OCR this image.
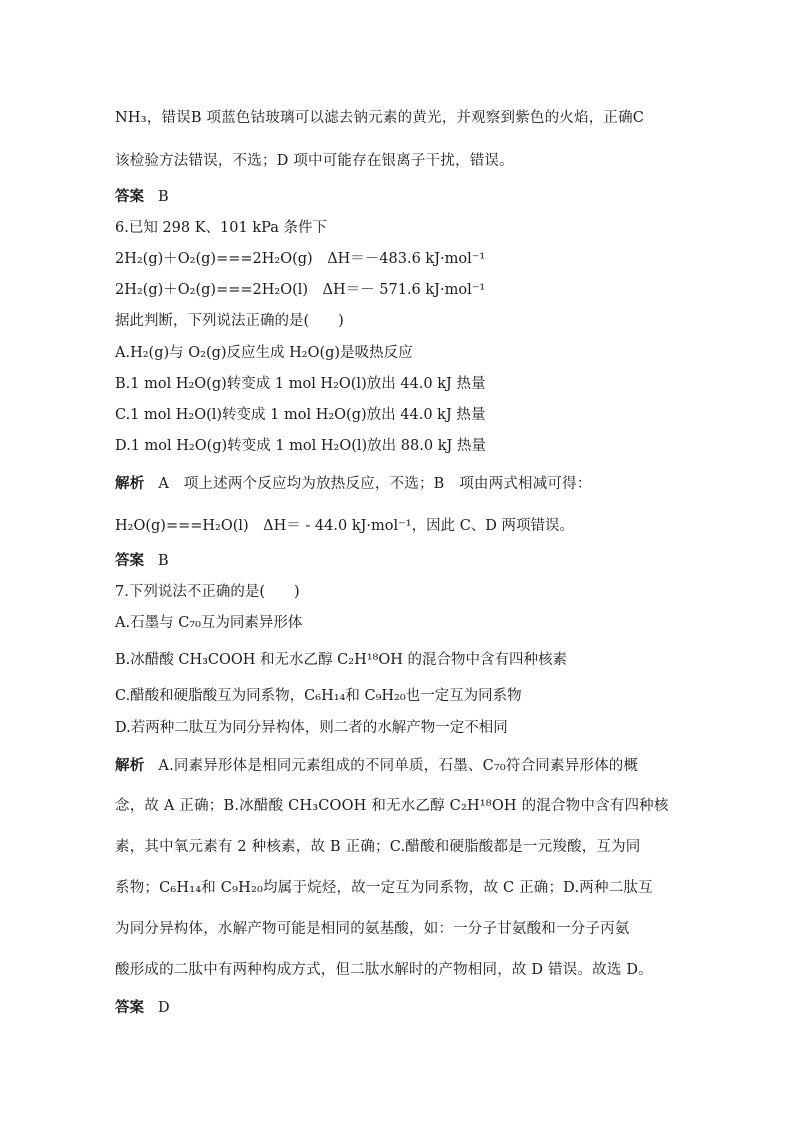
NH₃，错误B 项蓝色钴玻璃可以滤去钠元素的黄光，并观察到紫色的火焰，正确C
该检验方法错误，不选；D 项中可能存在银离子干扰，错误。
答案 B
6.已知 298 K、101 kPa 条件下
2H₂(g)＋O₂(g)===2H₂O(g)　ΔH＝－483.6 kJ·mol⁻¹
2H₂(g)＋O₂(g)===2H₂O(l)　ΔH＝－ 571.6 kJ·mol⁻¹
据此判断，下列说法正确的是(　　)
A.H₂(g)与 O₂(g)反应生成 H₂O(g)是吸热反应
B.1 mol H₂O(g)转变成 1 mol H₂O(l)放出 44.0 kJ 热量
C.1 mol H₂O(l)转变成 1 mol H₂O(g)放出 44.0 kJ 热量
D.1 mol H₂O(g)转变成 1 mol H₂O(l)放出 88.0 kJ 热量
解析 A　项上述两个反应均为放热反应，不选；B　项由两式相减可得：
H₂O(g)===H₂O(l)　ΔH＝ - 44.0 kJ·mol⁻¹，因此 C、D 两项错误。
答案 B
7.下列说法不正确的是(　　)
A.石墨与 C₇₀互为同素异形体
B.冰醋酸 CH₃COOH 和无水乙醇 C₂H¹⁸OH 的混合物中含有四种核素
C.醋酸和硬脂酸互为同系物，C₆H₁₄和 C₉H₂₀也一定互为同系物
D.若两种二肽互为同分异构体，则二者的水解产物一定不相同
解析 A.同素异形体是相同元素组成的不同单质，石墨、C₇₀符合同素异形体的概
念，故 A 正确；B.冰醋酸 CH₃COOH 和无水乙醇 C₂H¹⁸OH 的混合物中含有四种核
素，其中氧元素有 2 种核素，故 B 正确；C.醋酸和硬脂酸都是一元羧酸，互为同
系物；C₆H₁₄和 C₉H₂₀均属于烷烃，故一定互为同系物，故 C 正确；D.两种二肽互
为同分异构体，水解产物可能是相同的氨基酸，如：一分子甘氨酸和一分子丙氨
酸形成的二肽中有两种构成方式，但二肽水解时的产物相同，故 D 错误。故选 D。
答案 D
